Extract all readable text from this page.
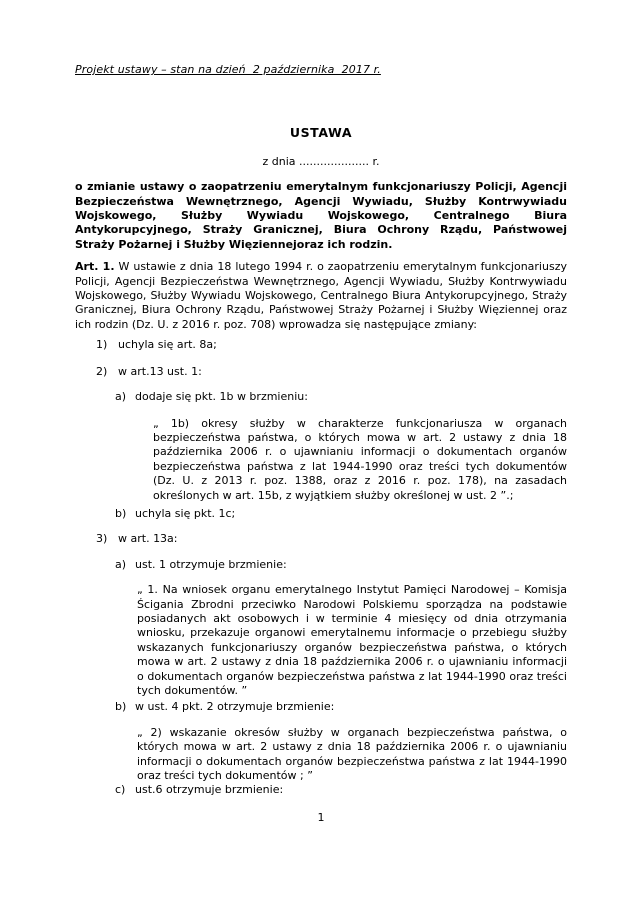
Projekt ustawy – stan na dzień  2 października  2017 r.
USTAWA
z dnia .................... r.
o zmianie ustawy o zaopatrzeniu emerytalnym funkcjonariuszy Policji, Agencji Bezpieczeństwa Wewnętrznego, Agencji Wywiadu, Służby Kontrwywiadu Wojskowego, Służby Wywiadu Wojskowego, Centralnego Biura Antykorupcyjnego, Straży Granicznej, Biura Ochrony Rządu, Państwowej Straży Pożarnej i Służby Więziennejoraz ich rodzin.
Art. 1. W ustawie z dnia 18 lutego 1994 r. o zaopatrzeniu emerytalnym funkcjonariuszy Policji, Agencji Bezpieczeństwa Wewnętrznego, Agencji Wywiadu, Służby Kontrwywiadu Wojskowego, Służby Wywiadu Wojskowego, Centralnego Biura Antykorupcyjnego, Straży Granicznej, Biura Ochrony Rządu, Państwowej Straży Pożarnej i Służby Więziennej oraz ich rodzin (Dz. U. z 2016 r. poz. 708) wprowadza się następujące zmiany:
1) uchyla się art. 8a;
2) w art.13 ust. 1:
a) dodaje się pkt. 1b w brzmieniu:
„ 1b) okresy służby w charakterze funkcjonariusza w organach bezpieczeństwa państwa, o których mowa w art. 2 ustawy z dnia 18 października 2006 r. o ujawnianiu informacji o dokumentach organów bezpieczeństwa państwa z lat 1944-1990 oraz treści tych dokumentów (Dz. U. z 2013 r. poz. 1388, oraz z 2016 r. poz. 178), na zasadach określonych w art. 15b, z wyjątkiem służby określonej w ust. 2 ”.;
b) uchyla się pkt. 1c;
3) w art. 13a:
a) ust. 1 otrzymuje brzmienie:
„ 1. Na wniosek organu emerytalnego Instytut Pamięci Narodowej – Komisja Ścigania Zbrodni przeciwko Narodowi Polskiemu sporządza na podstawie posiadanych akt osobowych i w terminie 4 miesięcy od dnia otrzymania wniosku, przekazuje organowi emerytalnemu informacje o przebiegu służby wskazanych funkcjonariuszy organów bezpieczeństwa państwa, o których mowa w art. 2 ustawy z dnia 18 października 2006 r. o ujawnianiu informacji o dokumentach organów bezpieczeństwa państwa z lat 1944-1990 oraz treści tych dokumentów. ”
b) w ust. 4 pkt. 2 otrzymuje brzmienie:
„ 2) wskazanie okresów służby w organach bezpieczeństwa państwa, o których mowa w art. 2 ustawy z dnia 18 października 2006 r. o ujawnianiu informacji o dokumentach organów bezpieczeństwa państwa z lat 1944-1990 oraz treści tych dokumentów ; ”
c) ust.6 otrzymuje brzmienie:
1
